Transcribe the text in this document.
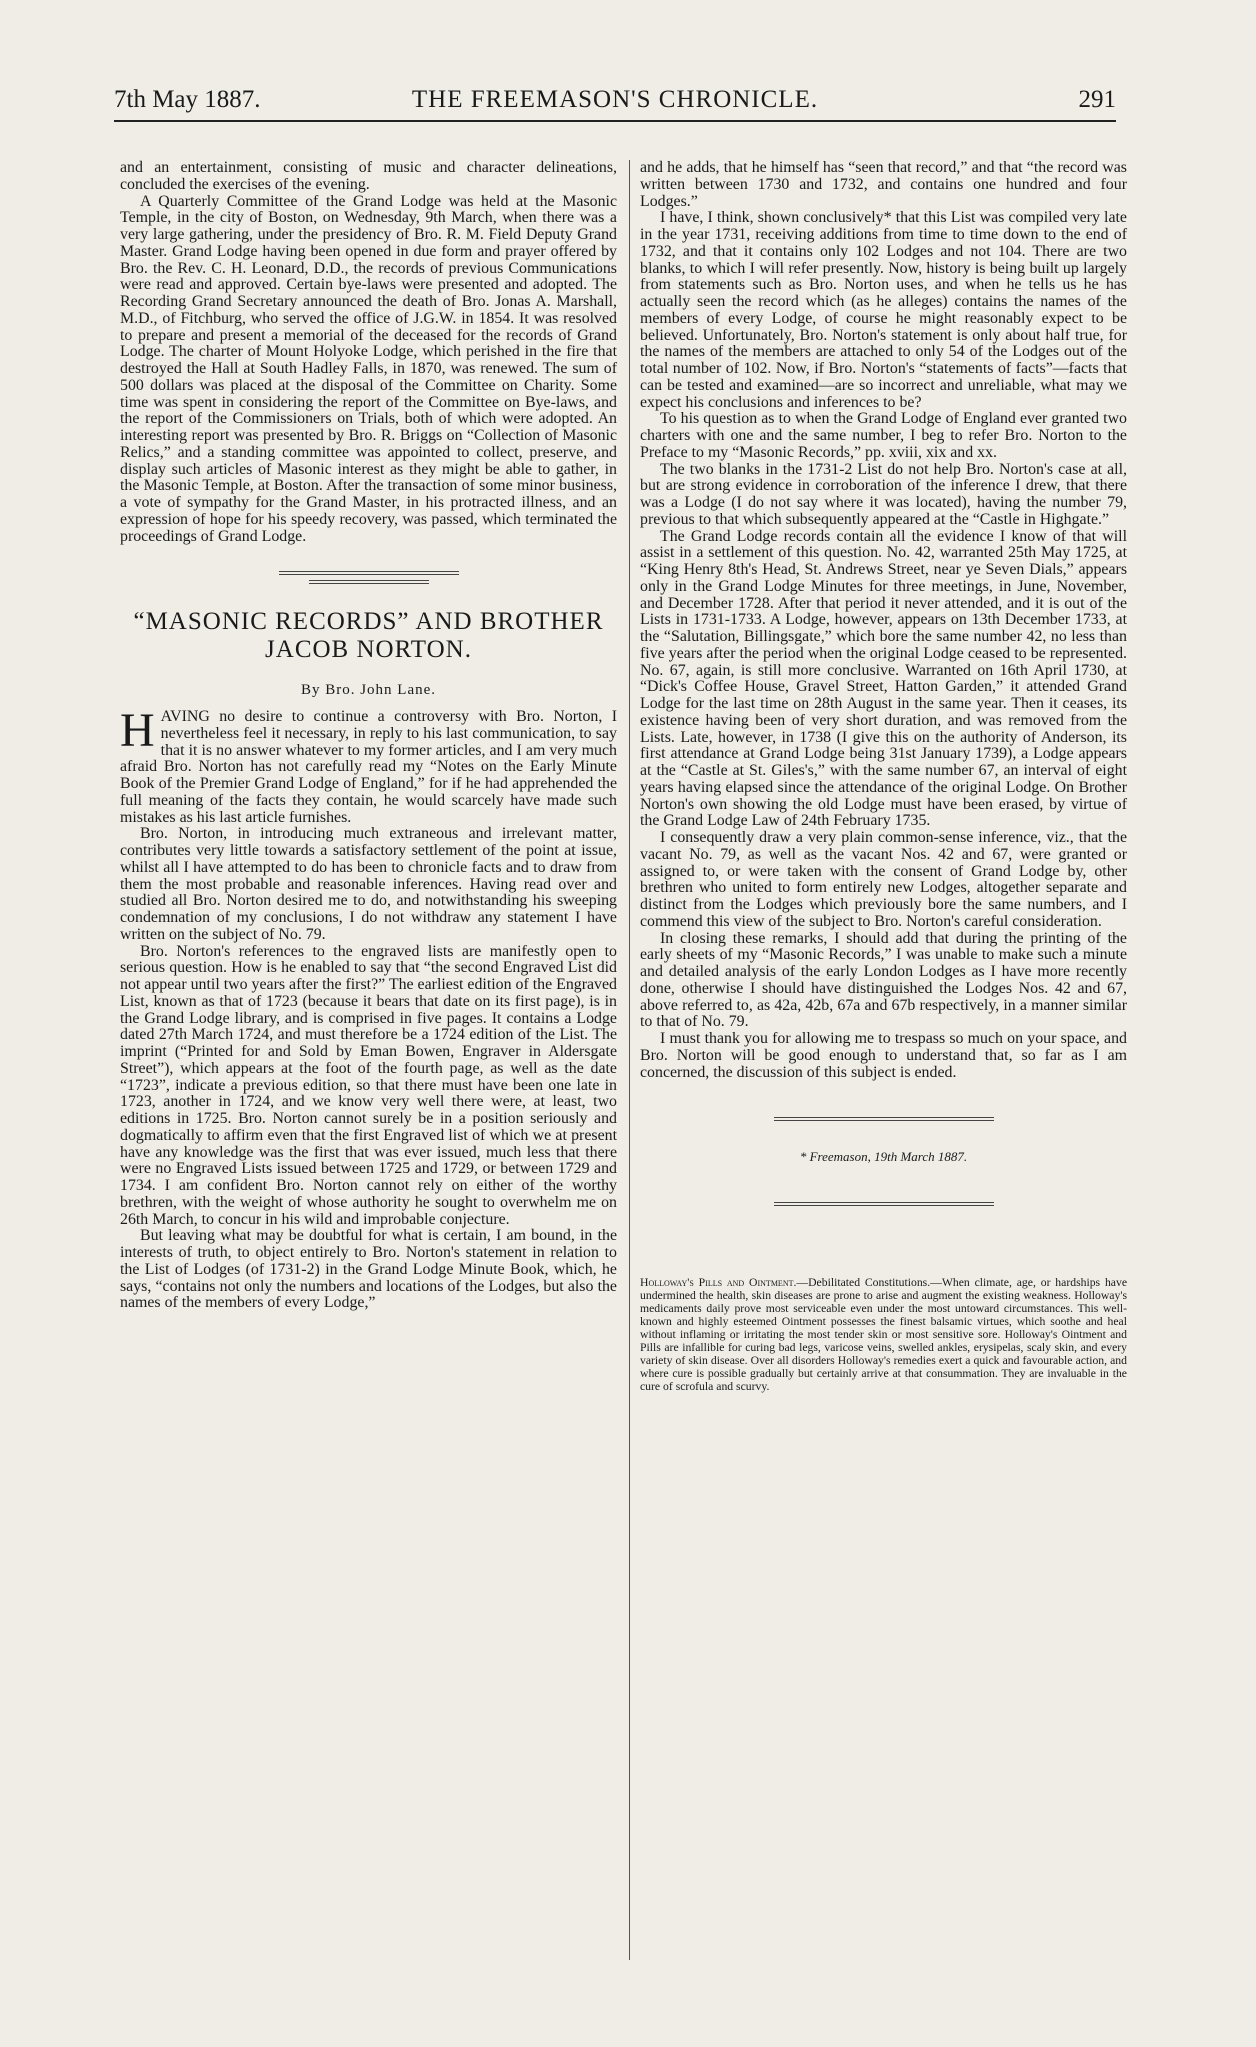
7th May 1887.	THE FREEMASON'S CHRONICLE.	291

and an entertainment, consisting of music and character delineations, concluded the exercises of the evening.

A Quarterly Committee of the Grand Lodge was held at the Masonic Temple, in the city of Boston, on Wednesday, 9th March, when there was a very large gathering, under the presidency of Bro. R. M. Field Deputy Grand Master. Grand Lodge having been opened in due form and prayer offered by Bro. the Rev. C. H. Leonard, D.D., the records of previous Communications were read and approved. Certain bye-laws were presented and adopted. The Recording Grand Secretary announced the death of Bro. Jonas A. Marshall, M.D., of Fitchburg, who served the office of J.G.W. in 1854. It was resolved to prepare and present a memorial of the deceased for the records of Grand Lodge. The charter of Mount Holyoke Lodge, which perished in the fire that destroyed the Hall at South Hadley Falls, in 1870, was renewed. The sum of 500 dollars was placed at the disposal of the Committee on Charity. Some time was spent in considering the report of the Committee on Bye-laws, and the report of the Commissioners on Trials, both of which were adopted. An interesting report was presented by Bro. R. Briggs on “Collection of Masonic Relics,” and a standing committee was appointed to collect, preserve, and display such articles of Masonic interest as they might be able to gather, in the Masonic Temple, at Boston. After the transaction of some minor business, a vote of sympathy for the Grand Master, in his protracted illness, and an expression of hope for his speedy recovery, was passed, which terminated the proceedings of Grand Lodge.

“MASONIC RECORDS” AND BROTHER
JACOB NORTON.
By Bro. John Lane.

HAVING no desire to continue a controversy with Bro. Norton, I nevertheless feel it necessary, in reply to his last communication, to say that it is no answer whatever to my former articles, and I am very much afraid Bro. Norton has not carefully read my “Notes on the Early Minute Book of the Premier Grand Lodge of England,” for if he had apprehended the full meaning of the facts they contain, he would scarcely have made such mistakes as his last article furnishes.

Bro. Norton, in introducing much extraneous and irrelevant matter, contributes very little towards a satisfactory settlement of the point at issue, whilst all I have attempted to do has been to chronicle facts and to draw from them the most probable and reasonable inferences. Having read over and studied all Bro. Norton desired me to do, and notwithstanding his sweeping condemnation of my conclusions, I do not withdraw any statement I have written on the subject of No. 79.

Bro. Norton's references to the engraved lists are manifestly open to serious question. How is he enabled to say that “the second Engraved List did not appear until two years after the first?” The earliest edition of the Engraved List, known as that of 1723 (because it bears that date on its first page), is in the Grand Lodge library, and is comprised in five pages. It contains a Lodge dated 27th March 1724, and must therefore be a 1724 edition of the List. The imprint (“Printed for and Sold by Eman Bowen, Engraver in Aldersgate Street”), which appears at the foot of the fourth page, as well as the date “1723”, indicate a previous edition, so that there must have been one late in 1723, another in 1724, and we know very well there were, at least, two editions in 1725. Bro. Norton cannot surely be in a position seriously and dogmatically to affirm even that the first Engraved list of which we at present have any knowledge was the first that was ever issued, much less that there were no Engraved Lists issued between 1725 and 1729, or between 1729 and 1734. I am confident Bro. Norton cannot rely on either of the worthy brethren, with the weight of whose authority he sought to overwhelm me on 26th March, to concur in his wild and improbable conjecture.

But leaving what may be doubtful for what is certain, I am bound, in the interests of truth, to object entirely to Bro. Norton's statement in relation to the List of Lodges (of 1731-2) in the Grand Lodge Minute Book, which, he says, “contains not only the numbers and locations of the Lodges, but also the names of the members of every Lodge,”

and he adds, that he himself has “seen that record,” and that “the record was written between 1730 and 1732, and contains one hundred and four Lodges.”

I have, I think, shown conclusively* that this List was compiled very late in the year 1731, receiving additions from time to time down to the end of 1732, and that it contains only 102 Lodges and not 104. There are two blanks, to which I will refer presently. Now, history is being built up largely from statements such as Bro. Norton uses, and when he tells us he has actually seen the record which (as he alleges) contains the names of the members of every Lodge, of course he might reasonably expect to be believed. Unfortunately, Bro. Norton's statement is only about half true, for the names of the members are attached to only 54 of the Lodges out of the total number of 102. Now, if Bro. Norton's “statements of facts”—facts that can be tested and examined—are so incorrect and unreliable, what may we expect his conclusions and inferences to be?

To his question as to when the Grand Lodge of England ever granted two charters with one and the same number, I beg to refer Bro. Norton to the Preface to my “Masonic Records,” pp. xviii, xix and xx.

The two blanks in the 1731-2 List do not help Bro. Norton's case at all, but are strong evidence in corroboration of the inference I drew, that there was a Lodge (I do not say where it was located), having the number 79, previous to that which subsequently appeared at the “Castle in Highgate.”

The Grand Lodge records contain all the evidence I know of that will assist in a settlement of this question. No. 42, warranted 25th May 1725, at “King Henry 8th's Head, St. Andrews Street, near ye Seven Dials,” appears only in the Grand Lodge Minutes for three meetings, in June, November, and December 1728. After that period it never attended, and it is out of the Lists in 1731-1733. A Lodge, however, appears on 13th December 1733, at the “Salutation, Billingsgate,” which bore the same number 42, no less than five years after the period when the original Lodge ceased to be represented. No. 67, again, is still more conclusive. Warranted on 16th April 1730, at “Dick's Coffee House, Gravel Street, Hatton Garden,” it attended Grand Lodge for the last time on 28th August in the same year. Then it ceases, its existence having been of very short duration, and was removed from the Lists. Late, however, in 1738 (I give this on the authority of Anderson, its first attendance at Grand Lodge being 31st January 1739), a Lodge appears at the “Castle at St. Giles's,” with the same number 67, an interval of eight years having elapsed since the attendance of the original Lodge. On Brother Norton's own showing the old Lodge must have been erased, by virtue of the Grand Lodge Law of 24th February 1735.

I consequently draw a very plain common-sense inference, viz., that the vacant No. 79, as well as the vacant Nos. 42 and 67, were granted or assigned to, or were taken with the consent of Grand Lodge by, other brethren who united to form entirely new Lodges, altogether separate and distinct from the Lodges which previously bore the same numbers, and I commend this view of the subject to Bro. Norton's careful consideration.

In closing these remarks, I should add that during the printing of the early sheets of my “Masonic Records,” I was unable to make such a minute and detailed analysis of the early London Lodges as I have more recently done, otherwise I should have distinguished the Lodges Nos. 42 and 67, above referred to, as 42a, 42b, 67a and 67b respectively, in a manner similar to that of No. 79.

I must thank you for allowing me to trespass so much on your space, and Bro. Norton will be good enough to understand that, so far as I am concerned, the discussion of this subject is ended.

* Freemason, 19th March 1887.
Holloway's Pills and Ointment.—Debilitated Constitutions.—When climate, age, or hardships have undermined the health, skin diseases are prone to arise and augment the existing weakness. Holloway's medicaments daily prove most serviceable even under the most untoward circumstances. This well-known and highly esteemed Ointment possesses the finest balsamic virtues, which soothe and heal without inflaming or irritating the most tender skin or most sensitive sore. Holloway's Ointment and Pills are infallible for curing bad legs, varicose veins, swelled ankles, erysipelas, scaly skin, and every variety of skin disease. Over all disorders Holloway's remedies exert a quick and favourable action, and where cure is possible gradually but certainly arrive at that consummation. They are invaluable in the cure of scrofula and scurvy.
